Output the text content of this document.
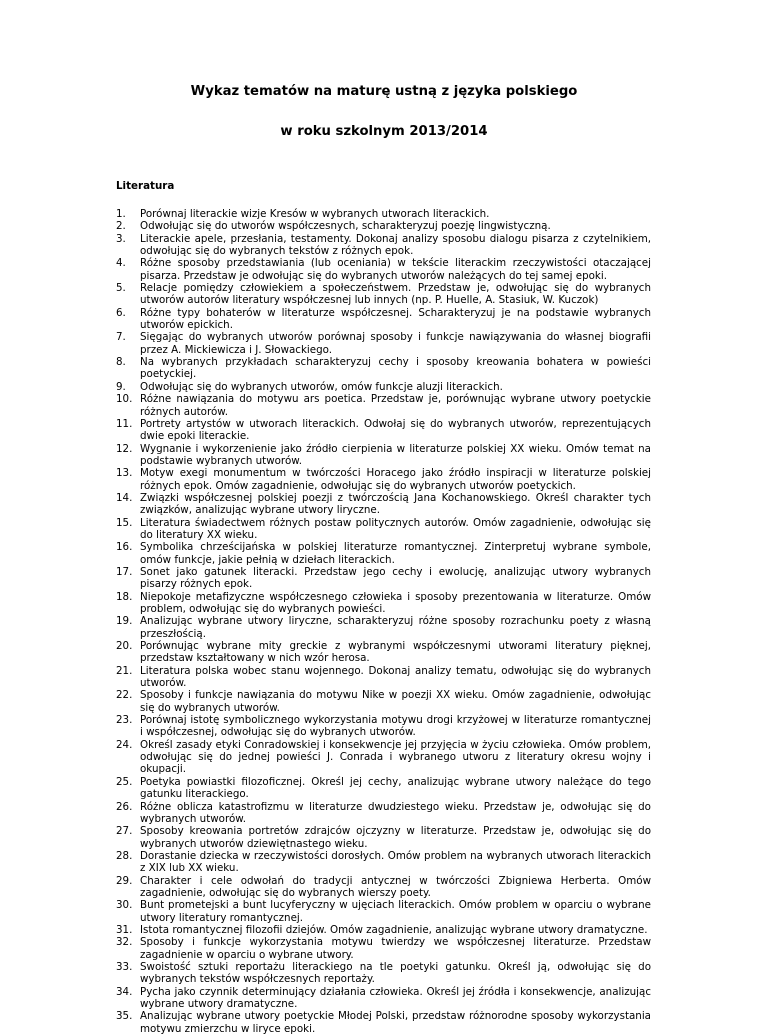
Wykaz tematów na maturę ustną z języka polskiego
w roku szkolnym 2013/2014
Literatura
1. Porównaj literackie wizje Kresów w wybranych utworach literackich.
2. Odwołując się do utworów współczesnych, scharakteryzuj poezję lingwistyczną.
3. Literackie apele, przesłania, testamenty. Dokonaj analizy sposobu dialogu pisarza z czytelnikiem, odwołując się do wybranych tekstów z różnych epok.
4. Różne sposoby przedstawiania (lub oceniania) w tekście literackim rzeczywistości otaczającej pisarza. Przedstaw je odwołując się do wybranych utworów należących do tej samej epoki.
5. Relacje pomiędzy człowiekiem a społeczeństwem. Przedstaw je, odwołując się do wybranych utworów autorów literatury współczesnej lub innych (np. P. Huelle, A. Stasiuk, W. Kuczok)
6. Różne typy bohaterów w literaturze współczesnej. Scharakteryzuj je na podstawie wybranych utworów epickich.
7. Sięgając do wybranych utworów porównaj sposoby i funkcje nawiązywania do własnej biografii przez A. Mickiewicza i J. Słowackiego.
8. Na wybranych przykładach scharakteryzuj cechy i sposoby kreowania bohatera w powieści poetyckiej.
9. Odwołując się do wybranych utworów, omów funkcje aluzji literackich.
10. Różne nawiązania do motywu ars poetica. Przedstaw je, porównując wybrane utwory poetyckie różnych autorów.
11. Portrety artystów w utworach literackich. Odwołaj się do wybranych utworów, reprezentujących dwie epoki literackie.
12. Wygnanie i wykorzenienie jako źródło cierpienia w literaturze polskiej XX wieku. Omów temat na podstawie wybranych utworów.
13. Motyw exegi monumentum w twórczości Horacego jako źródło inspiracji w literaturze polskiej różnych epok. Omów zagadnienie, odwołując się do wybranych utworów poetyckich.
14. Związki współczesnej polskiej poezji z twórczością Jana Kochanowskiego. Określ charakter tych związków, analizując wybrane utwory liryczne.
15. Literatura świadectwem różnych postaw politycznych autorów. Omów zagadnienie, odwołując się do literatury XX wieku.
16. Symbolika chrześcijańska w polskiej literaturze romantycznej. Zinterpretuj wybrane symbole, omów funkcje, jakie pełnią w dziełach literackich.
17. Sonet jako gatunek literacki. Przedstaw jego cechy i ewolucję, analizując utwory wybranych pisarzy różnych epok.
18. Niepokoje metafizyczne współczesnego człowieka i sposoby prezentowania w literaturze. Omów problem, odwołując się do wybranych powieści.
19. Analizując wybrane utwory liryczne, scharakteryzuj różne sposoby rozrachunku poety z własną przeszłością.
20. Porównując wybrane mity greckie z wybranymi współczesnymi utworami literatury pięknej, przedstaw kształtowany w nich wzór herosa.
21. Literatura polska wobec stanu wojennego. Dokonaj analizy tematu, odwołując się do wybranych utworów.
22. Sposoby i funkcje nawiązania do motywu Nike w poezji XX wieku. Omów zagadnienie, odwołując się do wybranych utworów.
23. Porównaj istotę symbolicznego wykorzystania motywu drogi krzyżowej w literaturze romantycznej i współczesnej, odwołując się do wybranych utworów.
24. Określ zasady etyki Conradowskiej i konsekwencje jej przyjęcia w życiu człowieka. Omów problem, odwołując się do jednej powieści J. Conrada i wybranego utworu z literatury okresu wojny i okupacji.
25. Poetyka powiastki filozoficznej. Określ jej cechy, analizując wybrane utwory należące do tego gatunku literackiego.
26. Różne oblicza katastrofizmu w literaturze dwudziestego wieku. Przedstaw je, odwołując się do wybranych utworów.
27. Sposoby kreowania portretów zdrajców ojczyzny w literaturze. Przedstaw je, odwołując się do wybranych utworów dziewiętnastego wieku.
28. Dorastanie dziecka w rzeczywistości dorosłych. Omów problem na wybranych utworach literackich z XIX lub XX wieku.
29. Charakter i cele odwołań do tradycji antycznej w twórczości Zbigniewa Herberta. Omów zagadnienie, odwołując się do wybranych wierszy poety.
30. Bunt prometejski a bunt lucyferyczny w ujęciach literackich. Omów problem w oparciu o wybrane utwory literatury romantycznej.
31. Istota romantycznej filozofii dziejów. Omów zagadnienie, analizując wybrane utwory dramatyczne.
32. Sposoby i funkcje wykorzystania motywu twierdzy we współczesnej literaturze. Przedstaw zagadnienie w oparciu o wybrane utwory.
33. Swoistość sztuki reportażu literackiego na tle poetyki gatunku. Określ ją, odwołując się do wybranych tekstów współczesnych reportaży.
34. Pycha jako czynnik determinujący działania człowieka. Określ jej źródła i konsekwencje, analizując wybrane utwory dramatyczne.
35. Analizując wybrane utwory poetyckie Młodej Polski, przedstaw różnorodne sposoby wykorzystania motywu zmierzchu w liryce epoki.
